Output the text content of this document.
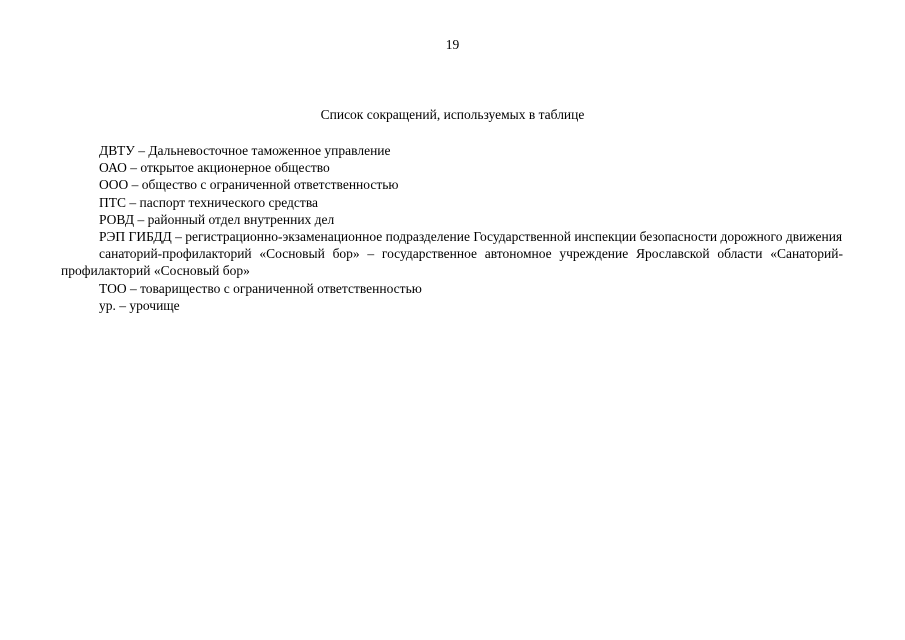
19
Список сокращений, используемых в таблице
ДВТУ – Дальневосточное таможенное управление
ОАО – открытое акционерное общество
ООО – общество с ограниченной ответственностью
ПТС – паспорт технического средства
РОВД – районный отдел внутренних дел
РЭП ГИБДД – регистрационно-экзаменационное подразделение Государственной инспекции безопасности дорожного движения
санаторий-профилакторий «Сосновый бор» – государственное автономное учреждение Ярославской области «Санаторий-профилакторий «Сосновый бор»
ТОО – товарищество с ограниченной ответственностью
ур. – урочище
